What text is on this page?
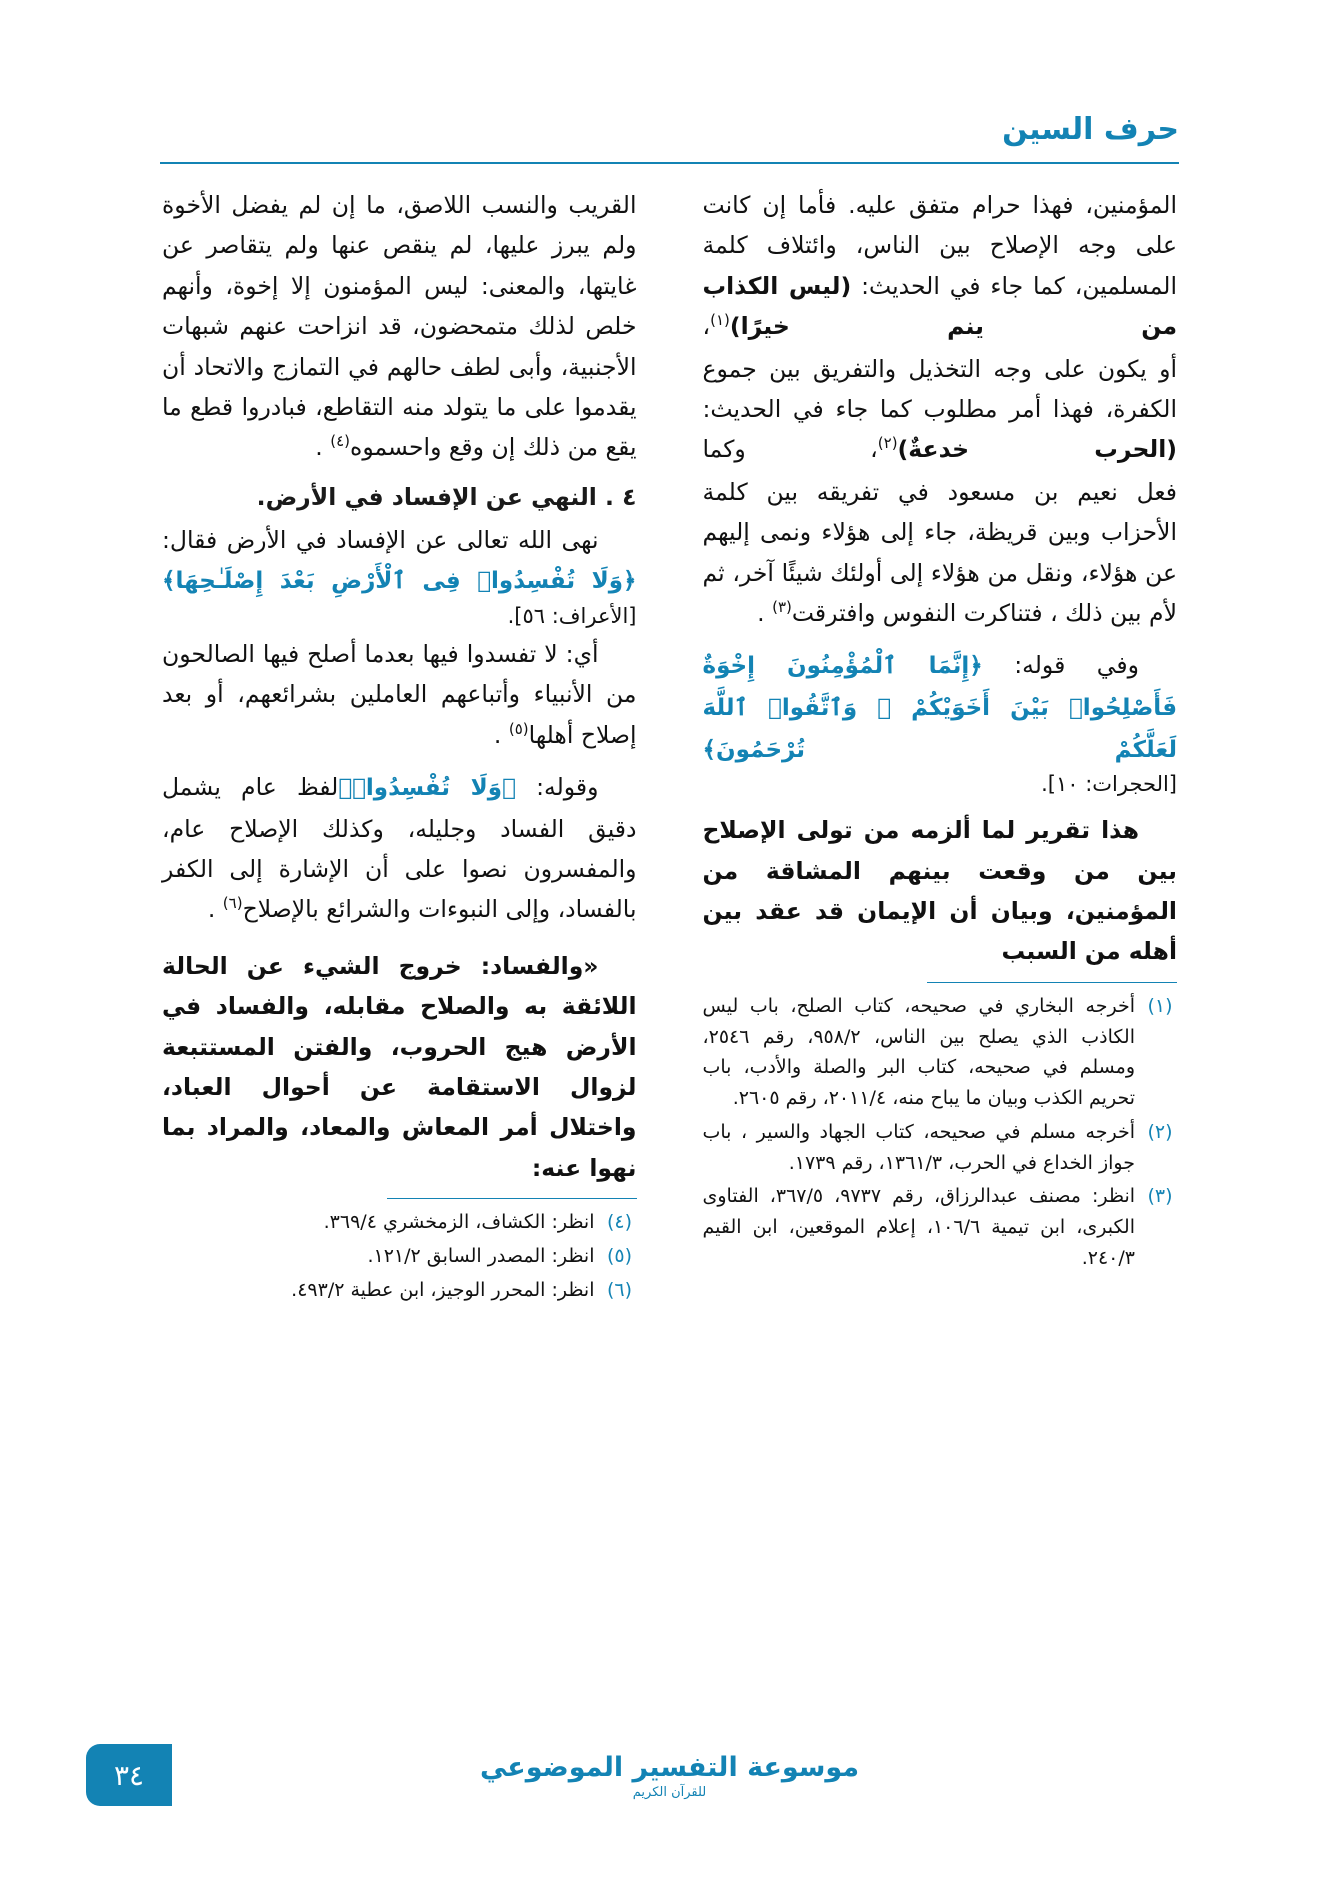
حرف السين

المؤمنين، فهذا حرام متفق عليه. فأما إن كانت على وجه الإصلاح بين الناس، وائتلاف كلمة المسلمين، كما جاء في الحديث: (ليس الكذاب من ينم خيرًا)$^{(١)}$،

أو يكون على وجه التخذيل والتفريق بين جموع الكفرة، فهذا أمر مطلوب كما جاء في الحديث: (الحرب خدعةٌ)$^{(٢)}$، وكما

فعل نعيم بن مسعود في تفريقه بين كلمة الأحزاب وبين قريظة، جاء إلى هؤلاء ونمى إليهم عن هؤلاء، ونقل من هؤلاء إلى أولئك شيئًا آخر، ثم لأم بين ذلك ، فتناكرت النفوس وافترقت$^{(٣)}$ .

وفي قوله: ﴿إِنَّمَا ٱلْمُؤْمِنُونَ إِخْوَةٌ فَأَصْلِحُوا۟ بَيْنَ أَخَوَيْكُمْ ۚ وَٱتَّقُوا۟ ٱللَّهَ لَعَلَّكُمْ تُرْحَمُونَ﴾

[الحجرات: ١٠].

هذا تقرير لما ألزمه من تولى الإصلاح بين من وقعت بينهم المشاقة من المؤمنين، وبيان أن الإيمان قد عقد بين أهله من السبب

(١)
أخرجه البخاري في صحيحه، كتاب الصلح، باب ليس الكاذب الذي يصلح بين الناس، ٩٥٨/٢، رقم ٢٥٤٦، ومسلم في صحيحه، كتاب البر والصلة والأدب، باب تحريم الكذب وبيان ما يباح منه، ٢٠١١/٤، رقم ٢٦٠٥.
(٢)
أخرجه مسلم في صحيحه، كتاب الجهاد والسير ، باب جواز الخداع في الحرب، ١٣٦١/٣، رقم ١٧٣٩.
(٣)
انظر: مصنف عبدالرزاق، رقم ٩٧٣٧، ٣٦٧/٥، الفتاوى الكبرى، ابن تيمية ١٠٦/٦، إعلام الموقعين، ابن القيم ٢٤٠/٣.

القريب والنسب اللاصق، ما إن لم يفضل الأخوة ولم يبرز عليها، لم ينقص عنها ولم يتقاصر عن غايتها، والمعنى: ليس المؤمنون إلا إخوة، وأنهم خلص لذلك متمحضون، قد انزاحت عنهم شبهات الأجنبية، وأبى لطف حالهم في التمازج والاتحاد أن يقدموا على ما يتولد منه التقاطع، فبادروا قطع ما يقع من ذلك إن وقع واحسموه$^{(٤)}$ .

٤ . النهي عن الإفساد في الأرض.

نهى الله تعالى عن الإفساد في الأرض فقال: ﴿وَلَا تُفْسِدُوا۟ فِى ٱلْأَرْضِ بَعْدَ إِصْلَـٰحِهَا﴾

[الأعراف: ٥٦].

أي: لا تفسدوا فيها بعدما أصلح فيها الصالحون من الأنبياء وأتباعهم العاملين بشرائعهم، أو بعد إصلاح أهلها$^{(٥)}$ .

وقوله: ﴿وَلَا تُفْسِدُوا۟﴾لفظ عام يشمل دقيق الفساد وجليله، وكذلك الإصلاح عام، والمفسرون نصوا على أن الإشارة إلى الكفر بالفساد، وإلى النبوءات والشرائع بالإصلاح$^{(٦)}$ .

«والفساد: خروج الشيء عن الحالة اللائقة به والصلاح مقابله، والفساد في الأرض هيج الحروب، والفتن المستتبعة لزوال الاستقامة عن أحوال العباد، واختلال أمر المعاش والمعاد، والمراد بما نهوا عنه:

(٤)
انظر: الكشاف، الزمخشري ٣٦٩/٤.
(٥)
انظر: المصدر السابق ١٢١/٢.
(٦)
انظر: المحرر الوجيز، ابن عطية ٤٩٣/٢.
موسوعة التفسير الموضوعي
للقرآن الكريم
٣٤
